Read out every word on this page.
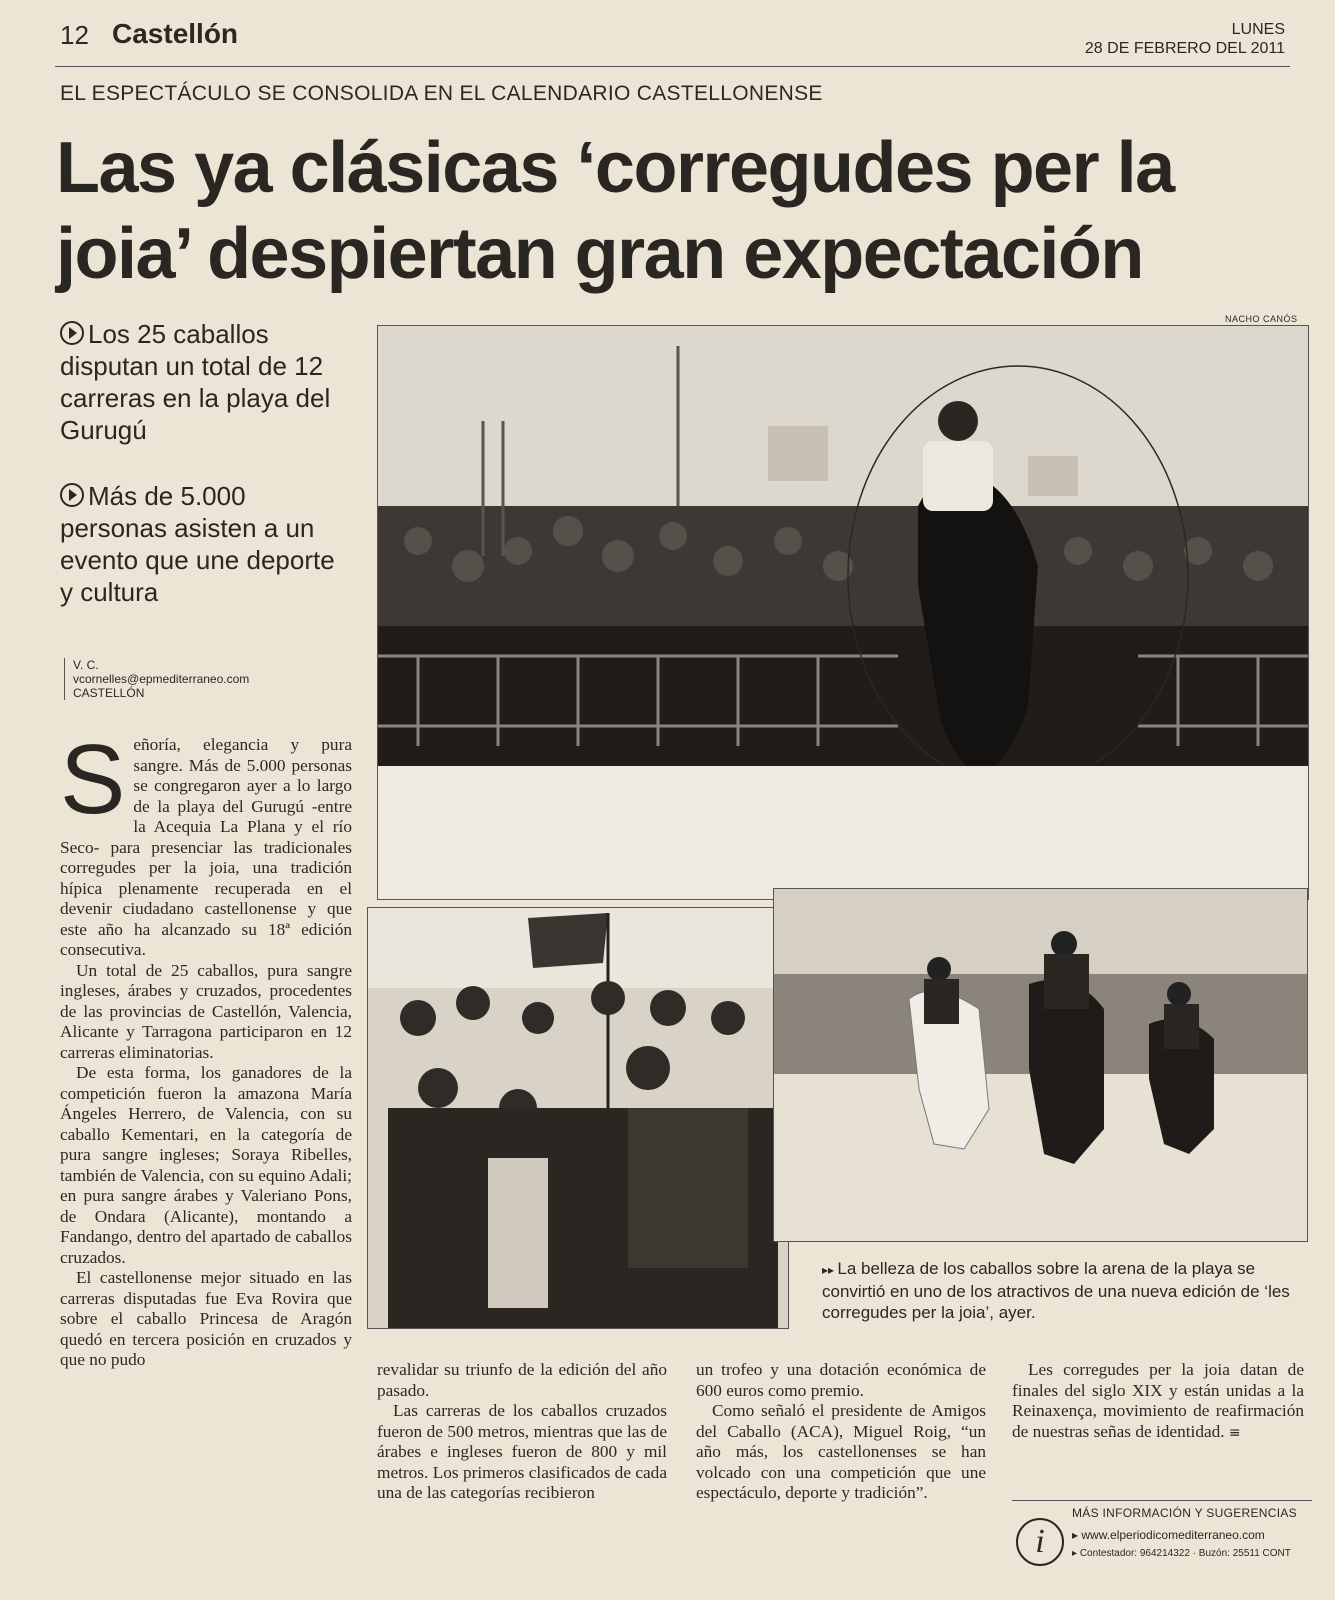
12 Castellón	LUNES
28 DE FEBRERO DEL 2011
EL ESPECTÁCULO SE CONSOLIDA EN EL CALENDARIO CASTELLONENSE
Las ya clásicas ‘corregudes per la
joia’ despiertan gran expectación
Los 25 caballos disputan un total de 12 carreras en la playa del Gurugú
Más de 5.000 personas asisten a un evento que une deporte y cultura
V. C.
vcornelles@epmediterraneo.com
CASTELLÓN
NACHO CANÓS
▸▸ La belleza de los caballos sobre la arena de la playa se convirtió en uno de los atractivos de una nueva edición de ‘les corregudes per la joia’, ayer.

Señoría, elegancia y pura sangre. Más de 5.000 personas se congregaron ayer a lo largo de la playa del Gurugú -entre la Acequia La Plana y el río Seco- para presenciar las tradicionales corregudes per la joia, una tradición hípica plenamente recuperada en el devenir ciudadano castellonense y que este año ha alcanzado su 18ª edición consecutiva.

Un total de 25 caballos, pura sangre ingleses, árabes y cruzados, procedentes de las provincias de Castellón, Valencia, Alicante y Tarragona participaron en 12 carreras eliminatorias.

De esta forma, los ganadores de la competición fueron la amazona María Ángeles Herrero, de Valencia, con su caballo Kementari, en la categoría de pura sangre ingleses; Soraya Ribelles, también de Valencia, con su equino Adali; en pura sangre árabes y Valeriano Pons, de Ondara (Alicante), montando a Fandango, dentro del apartado de caballos cruzados.

El castellonense mejor situado en las carreras disputadas fue Eva Rovira que sobre el caballo Princesa de Aragón quedó en tercera posición en cruzados y que no pudo

revalidar su triunfo de la edición del año pasado.

Las carreras de los caballos cruzados fueron de 500 metros, mientras que las de árabes e ingleses fueron de 800 y mil metros. Los primeros clasificados de cada una de las categorías recibieron

un trofeo y una dotación económica de 600 euros como premio.

Como señaló el presidente de Amigos del Caballo (ACA), Miguel Roig, “un año más, los castellonenses se han volcado con una competición que une espectáculo, deporte y tradición”.

Les corregudes per la joia datan de finales del siglo XIX y están unidas a la Reinaxença, movimiento de reafirmación de nuestras señas de identidad. ≡

i
MÁS INFORMACIÓN Y SUGERENCIAS
▸ www.elperiodicomediterraneo.com
▸ Contestador: 964214322 · Buzón: 25511 CONT
